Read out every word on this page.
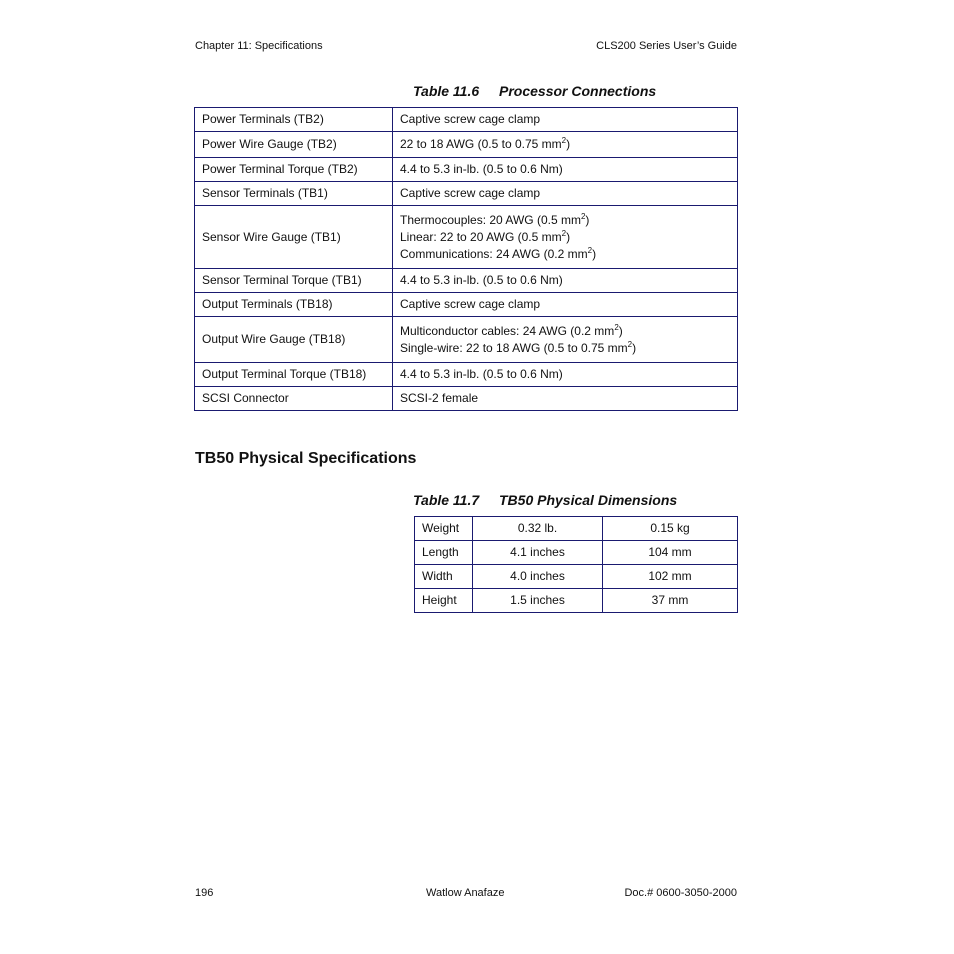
Chapter 11: Specifications	CLS200 Series User’s Guide
Table 11.6 Processor Connections
Power Terminals (TB2)	Captive screw cage clamp

Power Wire Gauge (TB2)	22 to 18 AWG (0.5 to 0.75 $mm^2$)

Power Terminal Torque (TB2)	4.4 to 5.3 in-lb. (0.5 to 0.6 Nm)

Sensor Terminals (TB1)	Captive screw cage clamp

Sensor Wire Gauge (TB1)	Thermocouples: 20 AWG (0.5 $mm^2$)
Linear: 22 to 20 AWG (0.5 $mm^2$)
Communications: 24 AWG (0.2 $mm^2$)

Sensor Terminal Torque (TB1)	4.4 to 5.3 in-lb. (0.5 to 0.6 Nm)

Output Terminals (TB18)	Captive screw cage clamp

Output Wire Gauge (TB18)	Multiconductor cables: 24 AWG (0.2 $mm^2$)
Single-wire: 22 to 18 AWG (0.5 to 0.75 $mm^2$)

Output Terminal Torque (TB18)	4.4 to 5.3 in-lb. (0.5 to 0.6 Nm)

SCSI Connector	SCSI-2 female
TB50 Physical Specifications
Table 11.7 TB50 Physical Dimensions
Weight	0.32 lb.	0.15 kg
Length	4.1 inches	104 mm
Width	4.0 inches	102 mm
Height	1.5 inches	37 mm
196	Watlow Anafaze	Doc.# 0600-3050-2000
